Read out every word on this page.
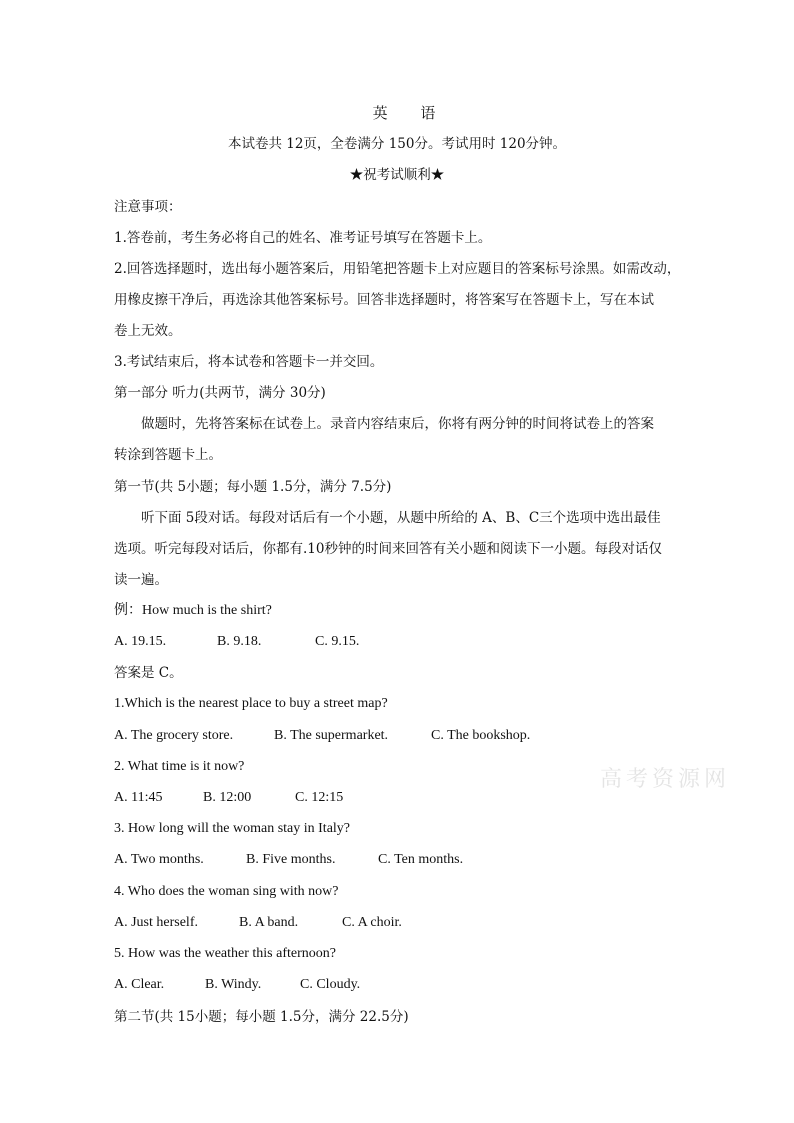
英 语
本试卷共 12页，全卷满分 150分。考试用时 120分钟。
★祝考试顺利★
注意事项：
1.答卷前，考生务必将自己的姓名、准考证号填写在答题卡上。
2.回答选择题时，选出每小题答案后，用铅笔把答题卡上对应题目的答案标号涂黑。如需改动，
用橡皮擦干净后，再选涂其他答案标号。回答非选择题时，将答案写在答题卡上，写在本试
卷上无效。
3.考试结束后，将本试卷和答题卡一并交回。
第一部分 听力(共两节，满分 30分)
做题时，先将答案标在试卷上。录音内容结束后，你将有两分钟的时间将试卷上的答案
转涂到答题卡上。
第一节(共 5小题；每小题 1.5分，满分 7.5分)
听下面 5段对话。每段对话后有一个小题，从题中所给的 A、B、C三个选项中选出最佳
选项。听完每段对话后，你都有.10秒钟的时间来回答有关小题和阅读下一小题。每段对话仅
读一遍。
例：How much is the shirt?
A. 19.15.	B. 9.18.	C. 9.15.
答案是 C。
1.Which is the nearest place to buy a street map?
A. The grocery store.	B. The supermarket.	C. The bookshop.
2. What time is it now?
A. 11:45	B. 12:00	C. 12:15
3. How long will the woman stay in Italy?
A. Two months.	B. Five months.	C. Ten months.
4. Who does the woman sing with now?
A. Just herself.	B. A band.	C. A choir.
5. How was the weather this afternoon?
A. Clear.	B. Windy.	C. Cloudy.
第二节(共 15小题；每小题 1.5分，满分 22.5分)
高考资源网
